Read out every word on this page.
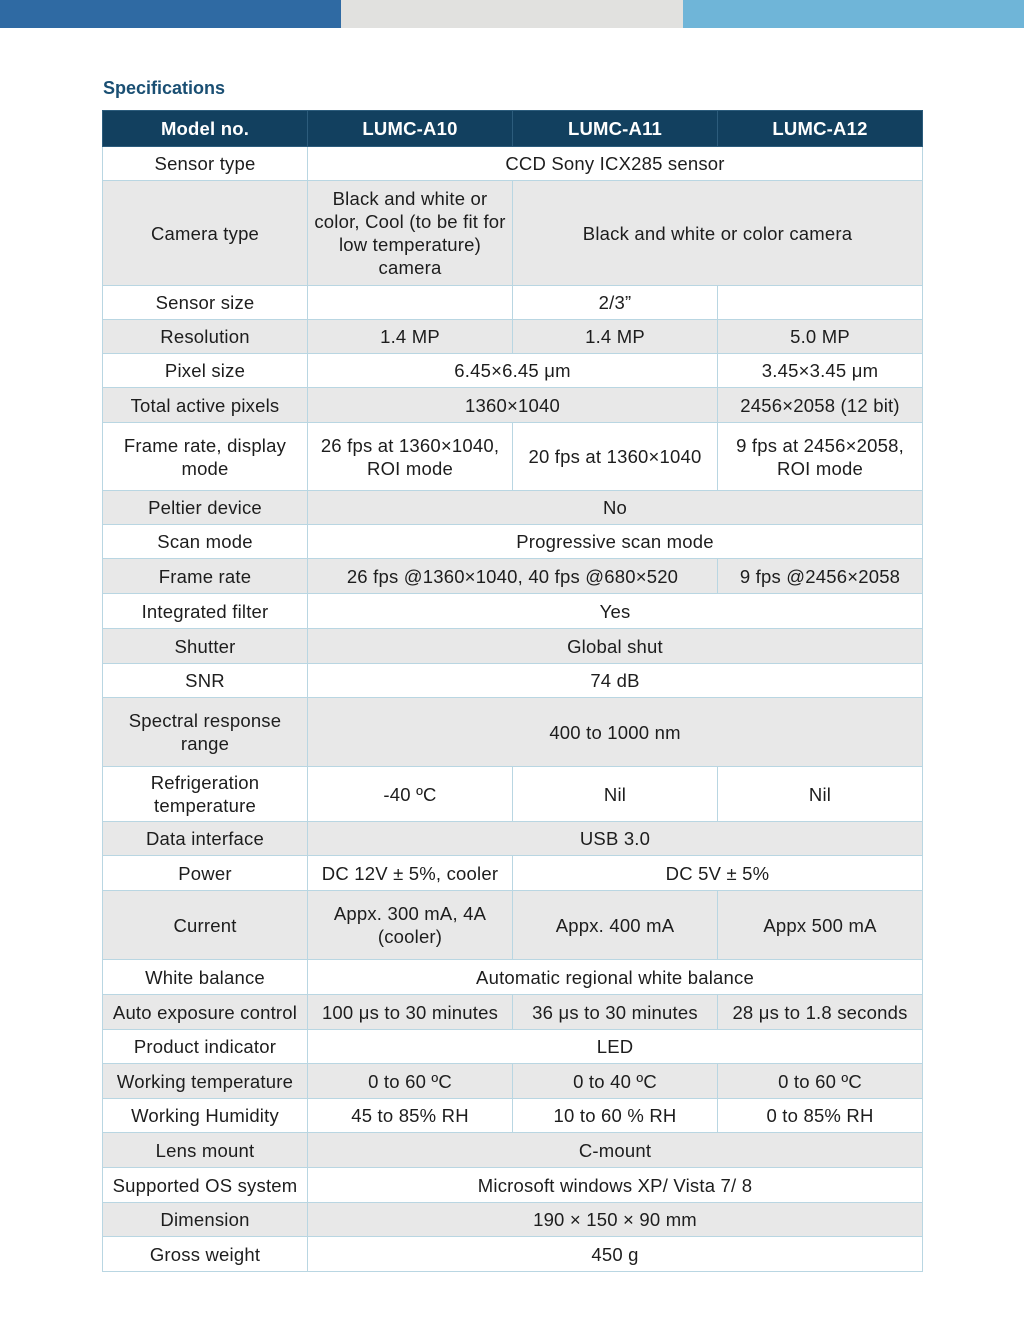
Specifications
Model no.	LUMC-A10	LUMC-A11	LUMC-A12
Sensor type	CCD Sony ICX285 sensor		
Camera type	Black and white or color, Cool (to be fit for low temperature) camera	Black and white or color camera	
Sensor size		2/3”	
Resolution	1.4 MP	1.4 MP	5.0 MP
Pixel size	6.45×6.45 μm		3.45×3.45 μm
Total active pixels	1360×1040		2456×2058 (12 bit)
Frame rate, display mode	26 fps at 1360×1040, ROI mode	20 fps at 1360×1040	9 fps at 2456×2058, ROI mode
Peltier device	No		
Scan mode	Progressive scan mode		
Frame rate	26 fps @1360×1040, 40 fps @680×520		9 fps @2456×2058
Integrated filter	Yes		
Shutter	Global shut		
SNR	74 dB		
Spectral response range	400 to 1000 nm		
Refrigeration temperature	-40 ºC	Nil	Nil
Data interface	USB 3.0		
Power	DC 12V ± 5%, cooler	DC 5V ± 5%	
Current	Appx. 300 mA, 4A (cooler)	Appx. 400 mA	Appx 500 mA
White balance	Automatic regional white balance		
Auto exposure control	100 μs to 30 minutes	36 μs to 30 minutes	28 μs to 1.8 seconds
Product indicator	LED		
Working temperature	0 to 60 ºC	0 to 40 ºC	0 to 60 ºC
Working Humidity	45 to 85% RH	10 to 60 % RH	0 to 85% RH
Lens mount	C-mount		
Supported OS system	Microsoft windows XP/ Vista 7/ 8		
Dimension	190 × 150 × 90 mm		
Gross weight	450 g		
